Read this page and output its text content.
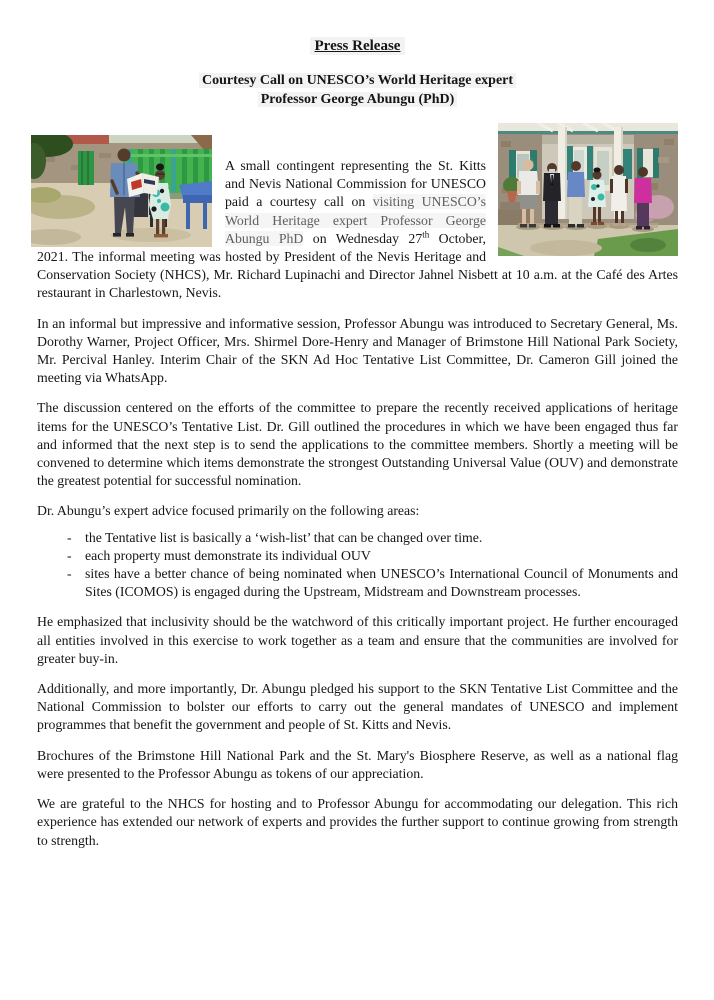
Press Release
Courtesy Call on UNESCO’s World Heritage expert
Professor George Abungu (PhD)

A small contingent representing the St. Kitts and Nevis National Commission for UNESCO paid a courtesy call on visiting UNESCO’s World Heritage expert Professor George Abungu PhD on Wednesday 27th October, 2021. The informal meeting was hosted by President of the Nevis Heritage and Conservation Society (NHCS), Mr. Richard Lupinachi and Director Jahnel Nisbett at 10 a.m. at the Café des Artes restaurant in Charlestown, Nevis.

In an informal but impressive and informative session, Professor Abungu was introduced to Secretary General, Ms. Dorothy Warner, Project Officer, Mrs. Shirmel Dore-Henry and Manager of Brimstone Hill National Park Society, Mr. Percival Hanley. Interim Chair of the SKN Ad Hoc Tentative List Committee, Dr. Cameron Gill joined the meeting via WhatsApp.

The discussion centered on the efforts of the committee to prepare the recently received applications of heritage items for the UNESCO’s Tentative List. Dr. Gill outlined the procedures in which we have been engaged thus far and informed that the next step is to send the applications to the committee members. Shortly a meeting will be convened to determine which items demonstrate the strongest Outstanding Universal Value (OUV) and demonstrate the greatest potential for successful nomination.

Dr. Abungu’s expert advice focused primarily on the following areas:

- the Tentative list is basically a ‘wish-list’ that can be changed over time.
- each property must demonstrate its individual OUV
- sites have a better chance of being nominated when UNESCO’s International Council of Monuments and Sites (ICOMOS) is engaged during the Upstream, Midstream and Downstream processes.

He emphasized that inclusivity should be the watchword of this critically important project. He further encouraged all entities involved in this exercise to work together as a team and ensure that the communities are involved for greater buy-in.

Additionally, and more importantly, Dr. Abungu pledged his support to the SKN Tentative List Committee and the National Commission to bolster our efforts to carry out the general mandates of UNESCO and implement programmes that benefit the government and people of St. Kitts and Nevis.

Brochures of the Brimstone Hill National Park and the St. Mary's Biosphere Reserve, as well as a national flag were presented to the Professor Abungu as tokens of our appreciation.

We are grateful to the NHCS for hosting and to Professor Abungu for accommodating our delegation. This rich experience has extended our network of experts and provides the further support to continue growing from strength to strength.
